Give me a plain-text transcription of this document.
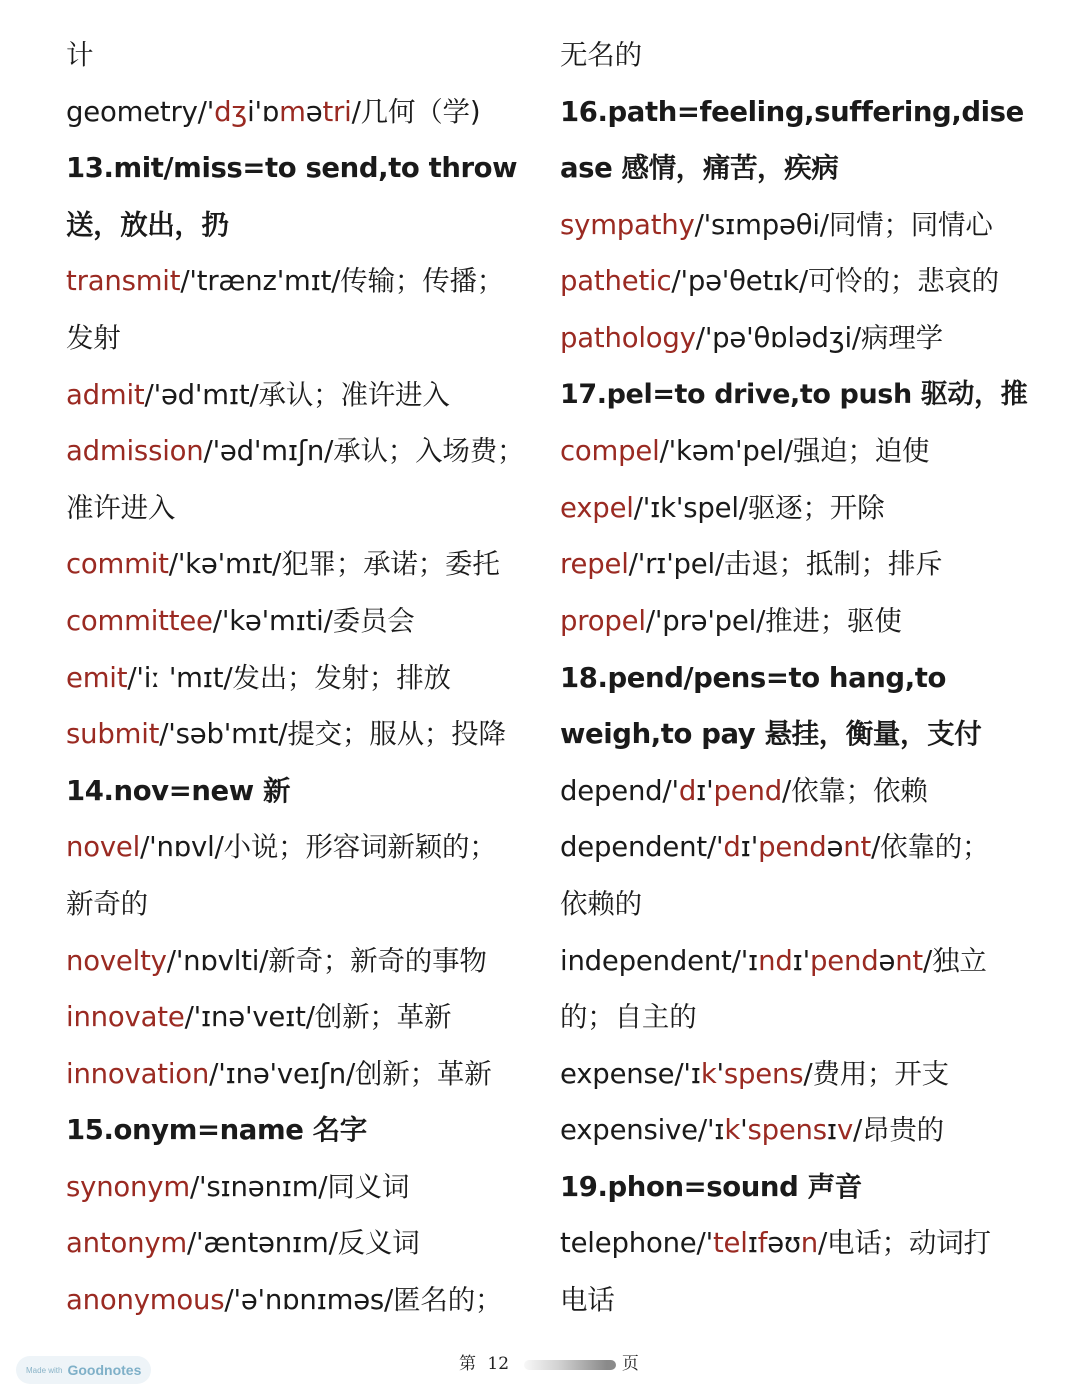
计
geometry/'dʒi'ɒmətri/几何（学)
13.mit/miss=to send,to throw
送，放出，扔
transmit/'trænz'mɪt/传输；传播；
发射
admit/'əd'mɪt/承认；准许进入
admission/'əd'mɪʃn/承认；入场费；
准许进入
commit/'kə'mɪt/犯罪；承诺；委托
committee/'kə'mɪti/委员会
emit/'iː 'mɪt/发出；发射；排放
submit/'səb'mɪt/提交；服从；投降
14.nov=new 新
novel/'nɒvl/小说；形容词新颖的；
新奇的
novelty/'nɒvlti/新奇；新奇的事物
innovate/'ɪnə'veɪt/创新；革新
innovation/'ɪnə'veɪʃn/创新；革新
15.onym=name 名字
synonym/'sɪnənɪm/同义词
antonym/'æntənɪm/反义词
anonymous/'ə'nɒnɪməs/匿名的；
无名的
16.path=feeling,suffering,dise
ase 感情，痛苦，疾病
sympathy/'sɪmpəθi/同情；同情心
pathetic/'pə'θetɪk/可怜的；悲哀的
pathology/'pə'θɒlədʒi/病理学
17.pel=to drive,to push 驱动，推
compel/'kəm'pel/强迫；迫使
expel/'ɪk'spel/驱逐；开除
repel/'rɪ'pel/击退；抵制；排斥
propel/'prə'pel/推进；驱使
18.pend/pens=to hang,to
weigh,to pay 悬挂，衡量，支付
depend/'dɪ'pend/依靠；依赖
dependent/'dɪ'pendənt/依靠的；
依赖的
independent/'ɪndɪ'pendənt/独立
的；自主的
expense/'ɪk'spens/费用；开支
expensive/'ɪk'spensɪv/昂贵的
19.phon=sound 声音
telephone/'telɪfəʊn/电话；动词打
电话
第 12	页
Made with Goodnotes
